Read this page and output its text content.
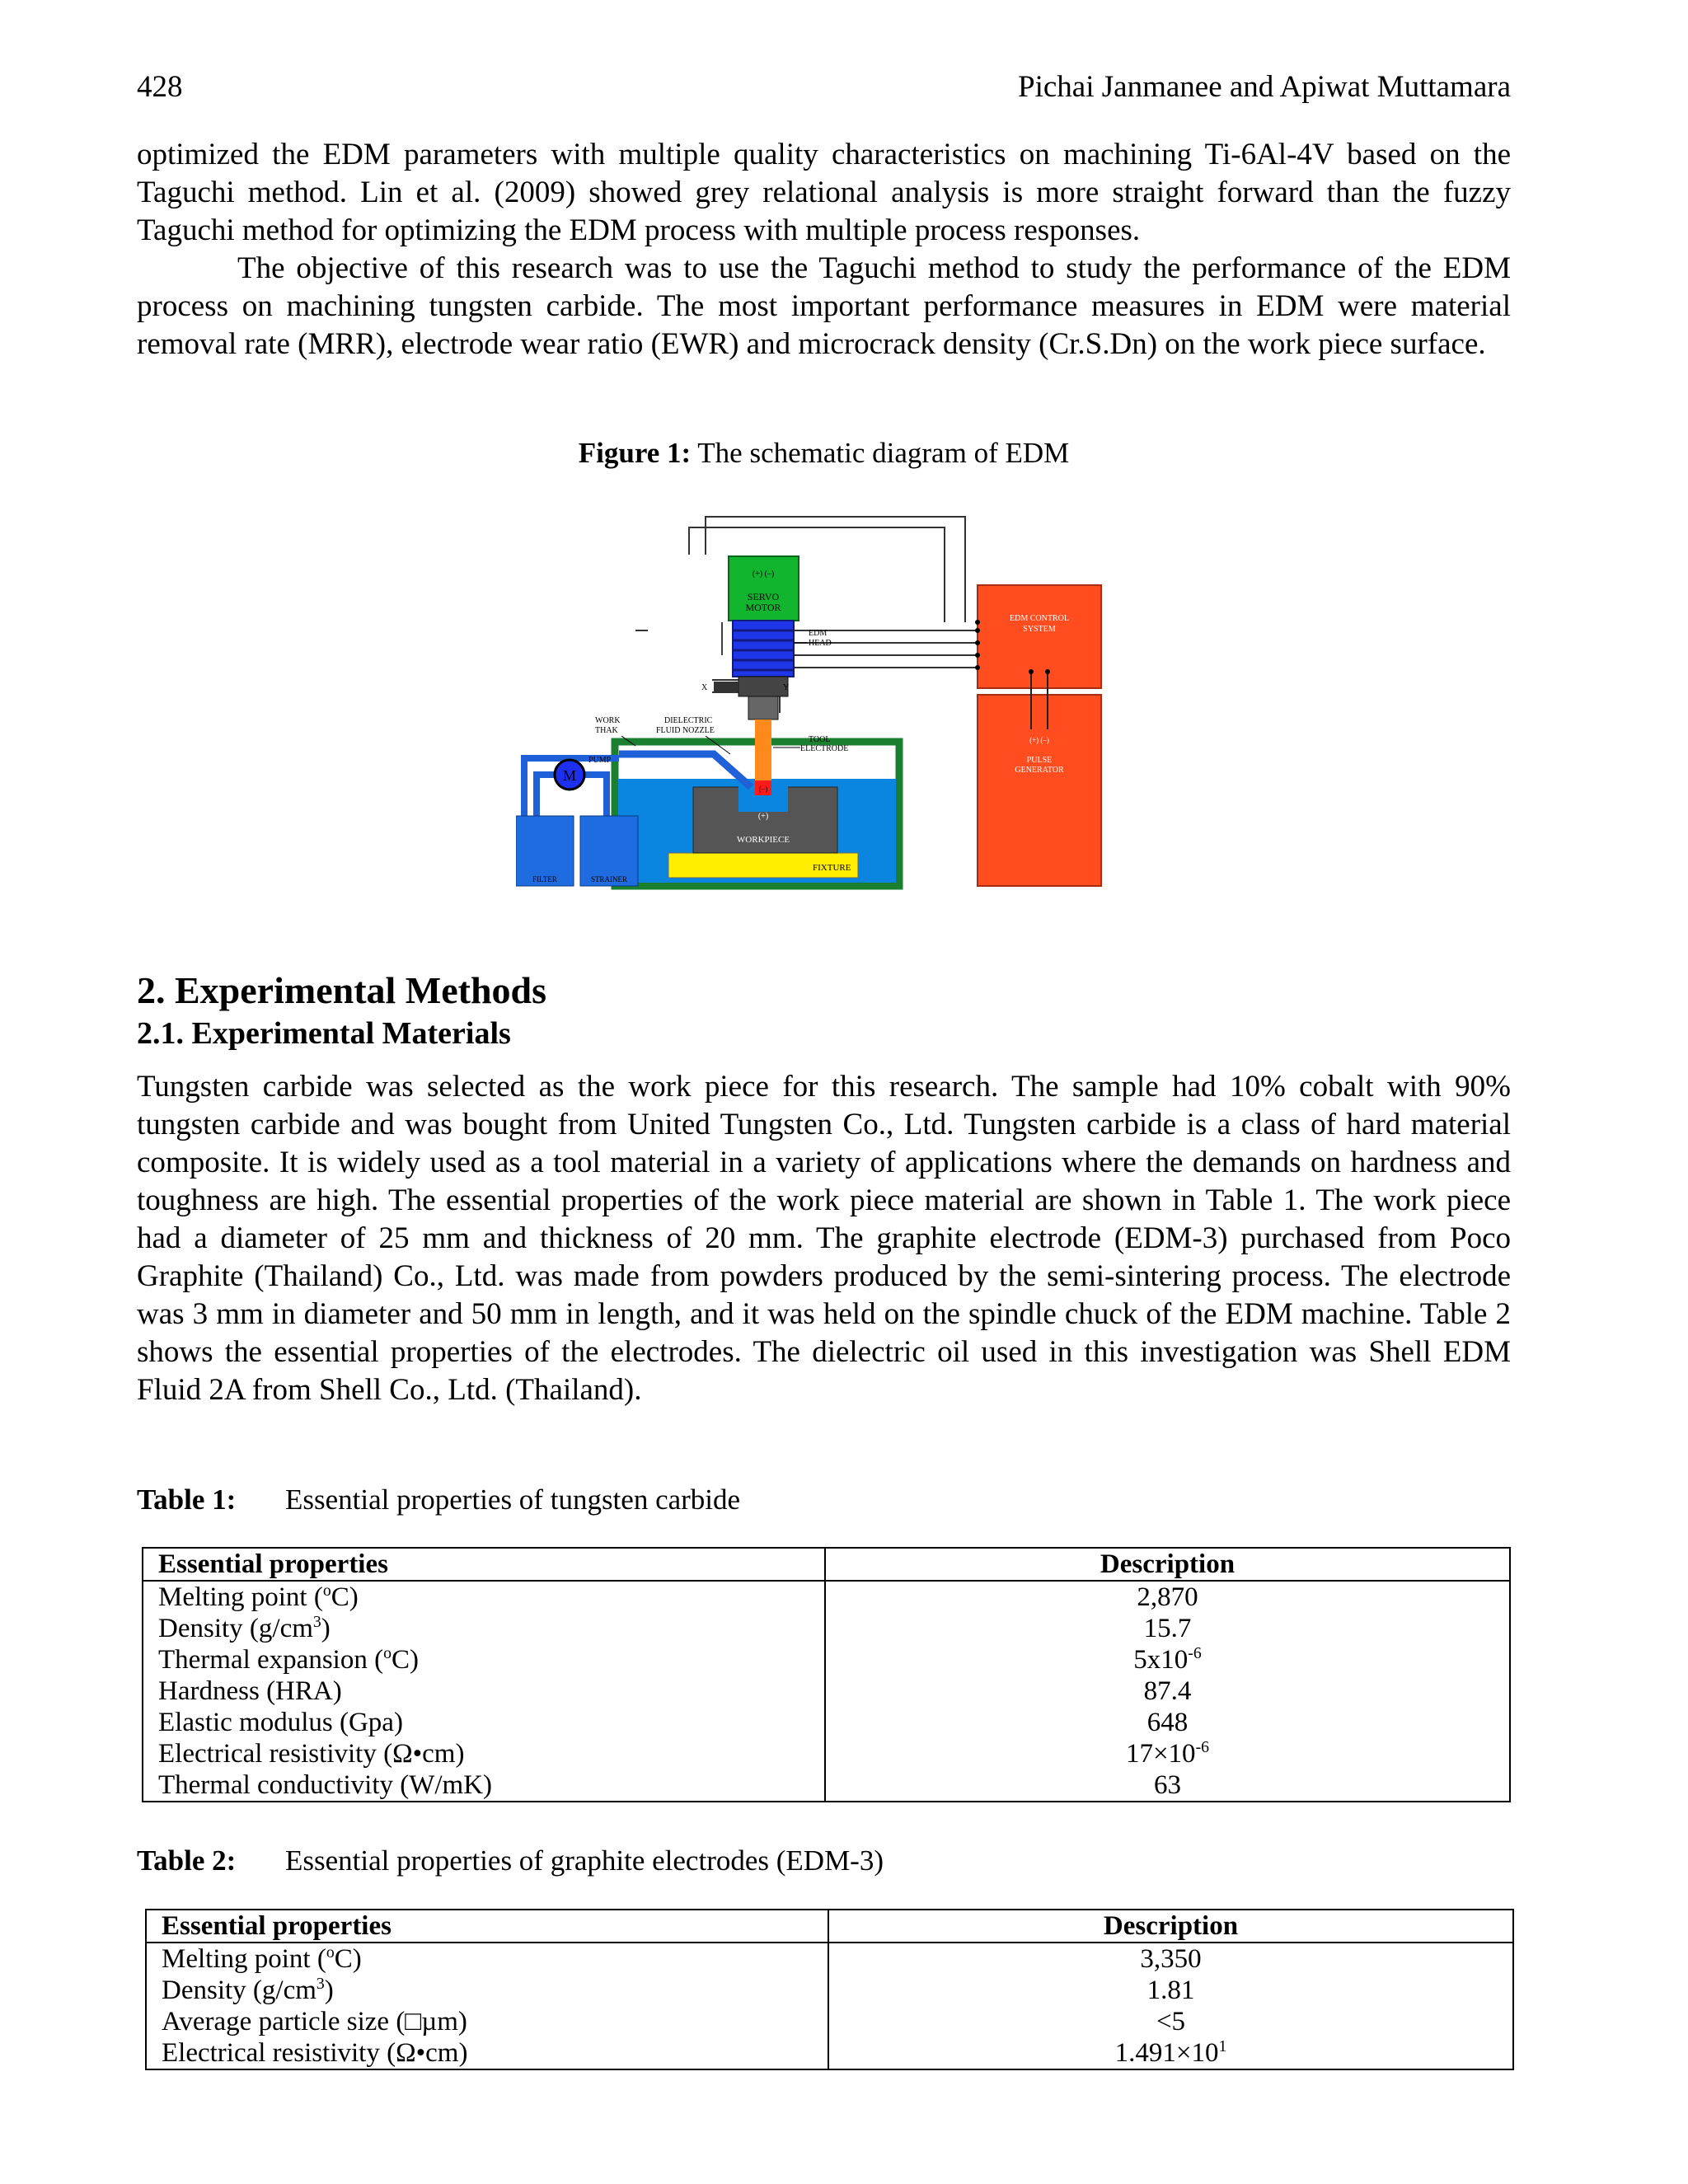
428	Pichai Janmanee and Apiwat Muttamara

optimized the EDM parameters with multiple quality characteristics on machining Ti-6Al-4V based on the Taguchi method. Lin et al. (2009) showed grey relational analysis is more straight forward than the fuzzy Taguchi method for optimizing the EDM process with multiple process responses.

The objective of this research was to use the Taguchi method to study the performance of the EDM process on machining tungsten carbide. The most important performance measures in EDM were material removal rate (MRR), electrode wear ratio (EWR) and microcrack density (Cr.S.Dn) on the work piece surface.

Figure 1: The schematic diagram of EDM
FIXTURE
(+)
WORKPIECE
(+) (–)
SERVO
MOTOR
EDM
HEAD
X	Y
(–)
TOOL
ELECTRODE
DIELECTRIC
FLUID NOZZLE
WORK
THAK
M
PUMP
FILTER	STRAINER
EDM CONTROL
SYSTEM
(+) (–)
PULSE
GENERATOR
2. Experimental Methods
2.1. Experimental Materials

Tungsten carbide was selected as the work piece for this research. The sample had 10% cobalt with 90% tungsten carbide and was bought from United Tungsten Co., Ltd. Tungsten carbide is a class of hard material composite. It is widely used as a tool material in a variety of applications where the demands on hardness and toughness are high. The essential properties of the work piece material are shown in Table 1. The work piece had a diameter of 25 mm and thickness of 20 mm. The graphite electrode (EDM-3) purchased from Poco Graphite (Thailand) Co., Ltd. was made from powders produced by the semi-sintering process. The electrode was 3 mm in diameter and 50 mm in length, and it was held on the spindle chuck of the EDM machine. Table 2 shows the essential properties of the electrodes. The dielectric oil used in this investigation was Shell EDM Fluid 2A from Shell Co., Ltd. (Thailand).

Table 1: Essential properties of tungsten carbide
Essential properties	Description
Melting point ($^o$C)	2,870
Density $(g/cm^3)$	15.7
Thermal expansion ($^o$C)	$5x10^{-6}$
Hardness (HRA)	87.4
Elastic modulus (Gpa)	648
Electrical resistivity (Ω•cm)	$17\times 10^{-6}$
Thermal conductivity (W/mK)	63
Table 2: Essential properties of graphite electrodes (EDM-3)
Essential properties	Description
Melting point ($^o$C)	3,350
Density $(g/cm^3)$	1.81
Average particle size (□µm)	<5
Electrical resistivity (Ω•cm)	$1.491\times 10^1$
